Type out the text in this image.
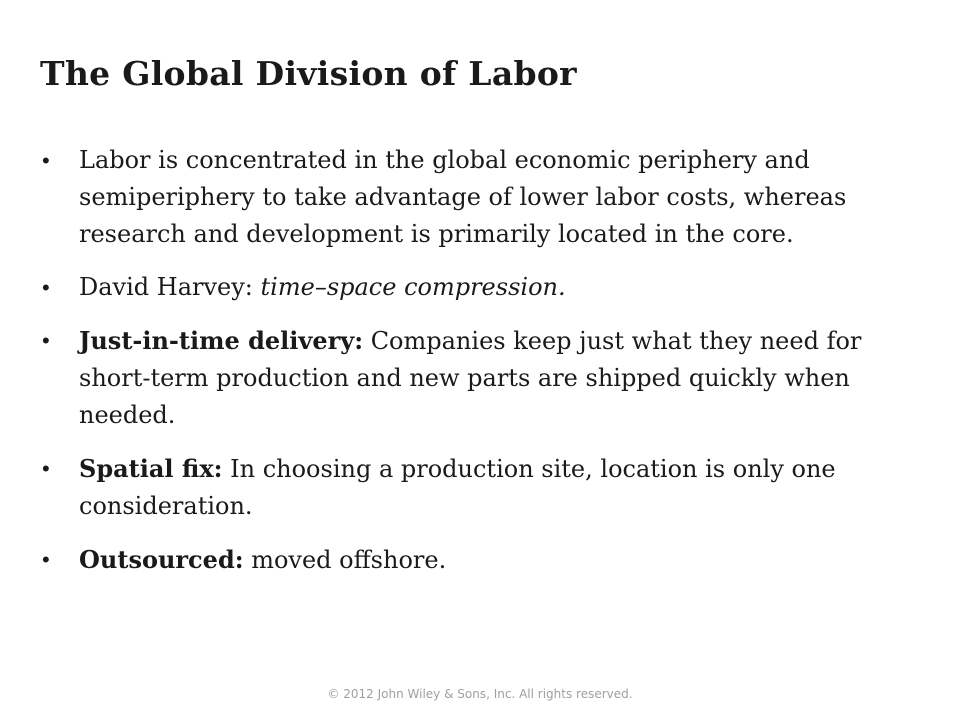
The Global Division of Labor
• Labor is concentrated in the global economic periphery and semiperiphery to take advantage of lower labor costs, whereas research and development is primarily located in the core.
• David Harvey: time–space compression.
• Just-in-time delivery: Companies keep just what they need for short-term production and new parts are shipped quickly when needed.
• Spatial fix: In choosing a production site, location is only one consideration.
• Outsourced: moved offshore.

© 2012 John Wiley & Sons, Inc. All rights reserved.
